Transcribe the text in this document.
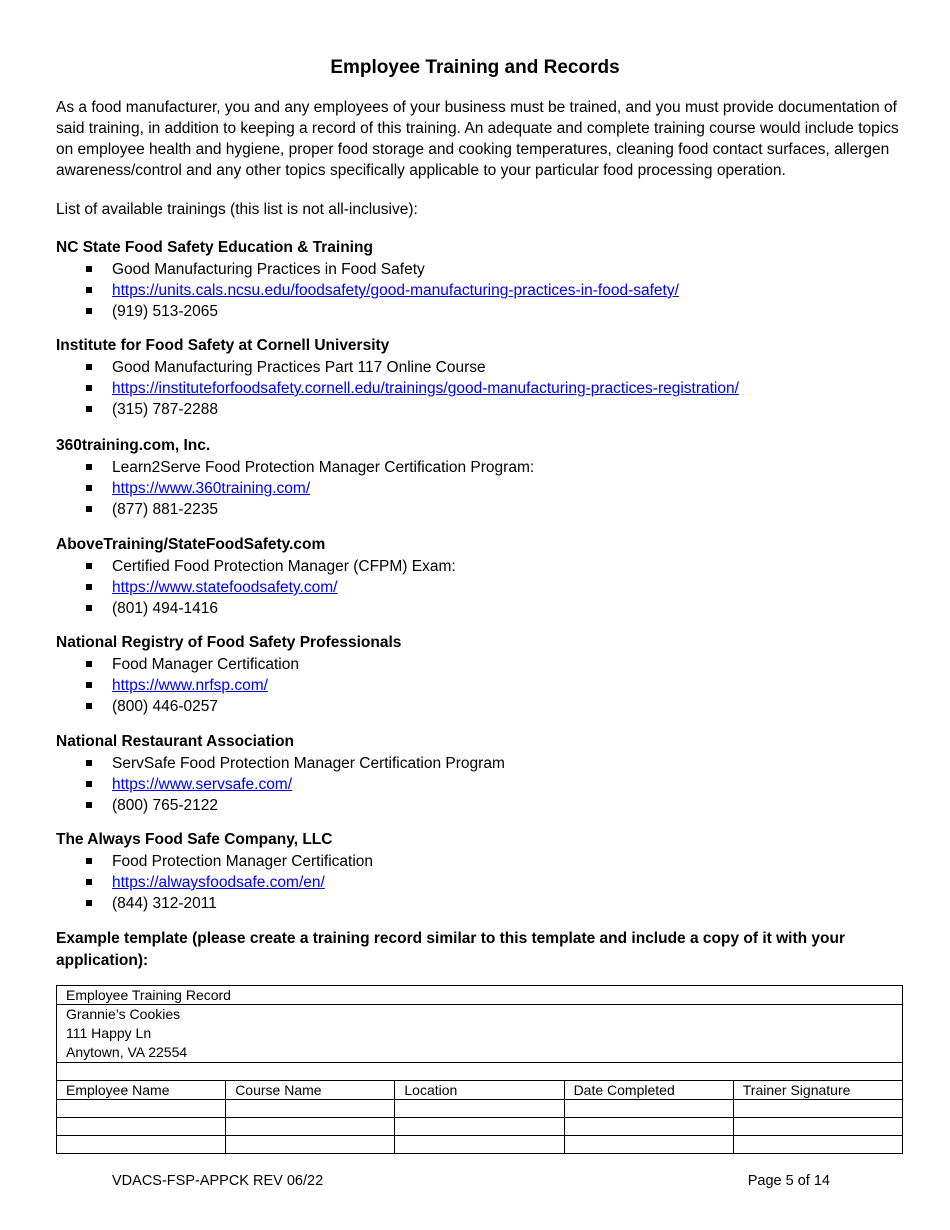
Employee Training and Records

As a food manufacturer, you and any employees of your business must be trained, and you must provide documentation of said training, in addition to keeping a record of this training. An adequate and complete training course would include topics on employee health and hygiene, proper food storage and cooking temperatures, cleaning food contact surfaces, allergen awareness/control and any other topics specifically applicable to your particular food processing operation.

List of available trainings (this list is not all-inclusive):

NC State Food Safety Education & Training
Good Manufacturing Practices in Food Safety
https://units.cals.ncsu.edu/foodsafety/good-manufacturing-practices-in-food-safety/
(919) 513-2065
Institute for Food Safety at Cornell University
Good Manufacturing Practices Part 117 Online Course
https://instituteforfoodsafety.cornell.edu/trainings/good-manufacturing-practices-registration/
(315) 787-2288
360training.com, Inc.
Learn2Serve Food Protection Manager Certification Program:
https://www.360training.com/
(877) 881-2235
AboveTraining/StateFoodSafety.com
Certified Food Protection Manager (CFPM) Exam:
https://www.statefoodsafety.com/
(801) 494-1416
National Registry of Food Safety Professionals
Food Manager Certification
https://www.nrfsp.com/
(800) 446-0257
National Restaurant Association
ServSafe Food Protection Manager Certification Program
https://www.servsafe.com/
(800) 765-2122
The Always Food Safe Company, LLC
Food Protection Manager Certification
https://alwaysfoodsafe.com/en/
(844) 312-2011

Example template (please create a training record similar to this template and include a copy of it with your application):

Employee Training Record				

Grannie’s Cookies
111 Happy Ln
Anytown, VA 22554				

Employee Name	Course Name	Location	Date Completed	Trainer Signature

VDACS-FSP-APPCK REV 06/22	Page 5 of 14
